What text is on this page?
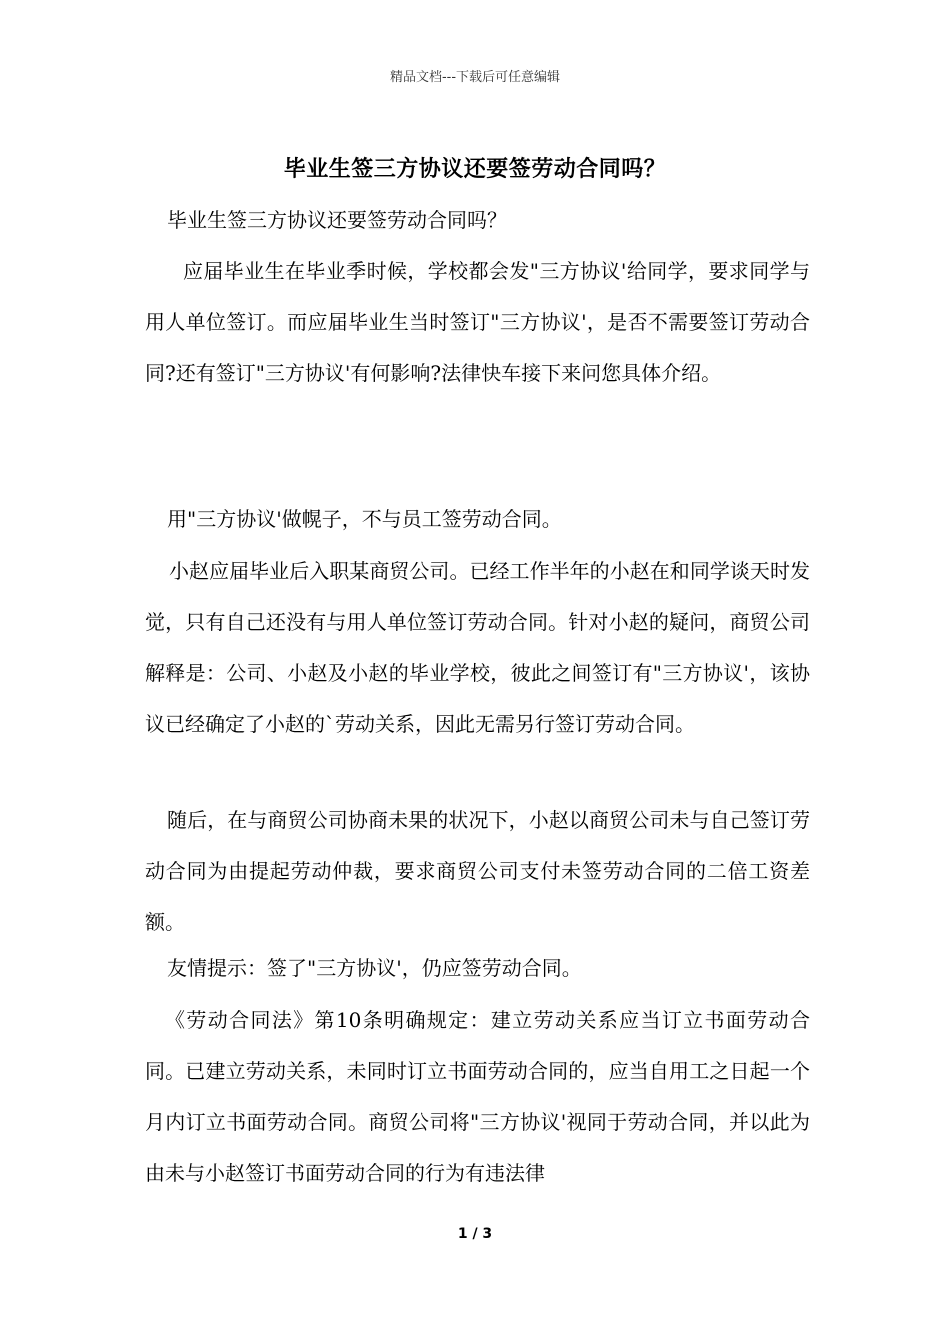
精品文档---下载后可任意编辑
毕业生签三方协议还要签劳动合同吗？

毕业生签三方协议还要签劳动合同吗？

应届毕业生在毕业季时候，学校都会发"三方协议'给同学，要求同学与用人单位签订。而应届毕业生当时签订"三方协议'，是否不需要签订劳动合同?还有签订"三方协议'有何影响?法律快车接下来问您具体介绍。

用"三方协议'做幌子，不与员工签劳动合同。

小赵应届毕业后入职某商贸公司。已经工作半年的小赵在和同学谈天时发觉，只有自己还没有与用人单位签订劳动合同。针对小赵的疑问，商贸公司解释是：公司、小赵及小赵的毕业学校，彼此之间签订有"三方协议'，该协议已经确定了小赵的`劳动关系，因此无需另行签订劳动合同。

随后，在与商贸公司协商未果的状况下，小赵以商贸公司未与自己签订劳动合同为由提起劳动仲裁，要求商贸公司支付未签劳动合同的二倍工资差额。

友情提示：签了"三方协议'，仍应签劳动合同。

《劳动合同法》第10条明确规定：建立劳动关系应当订立书面劳动合同。已建立劳动关系，未同时订立书面劳动合同的，应当自用工之日起一个月内订立书面劳动合同。商贸公司将"三方协议'视同于劳动合同，并以此为由未与小赵签订书面劳动合同的行为有违法律

1 / 3
